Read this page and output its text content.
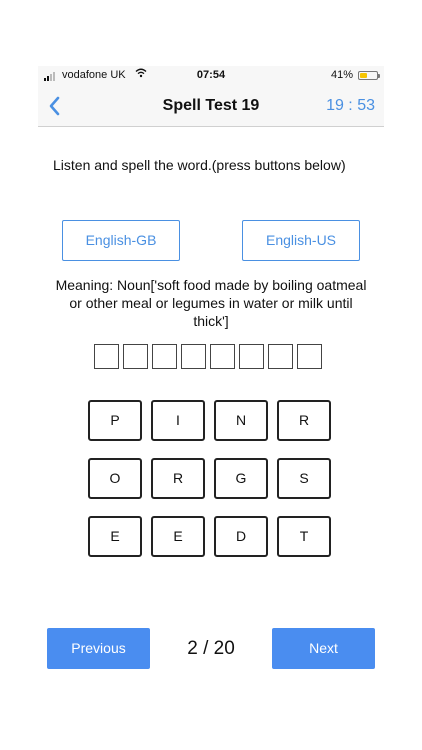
vodafone UK	07:54	41%
Spell Test 19	19 : 53
Listen and spell the word.(press buttons below)
English-GB	English-US
Meaning: Noun['soft food made by boiling oatmeal or other meal or legumes in water or milk until thick']
P	I	N	R
O	R	G	S
E	E	D	T
Previous	2 / 20	Next
